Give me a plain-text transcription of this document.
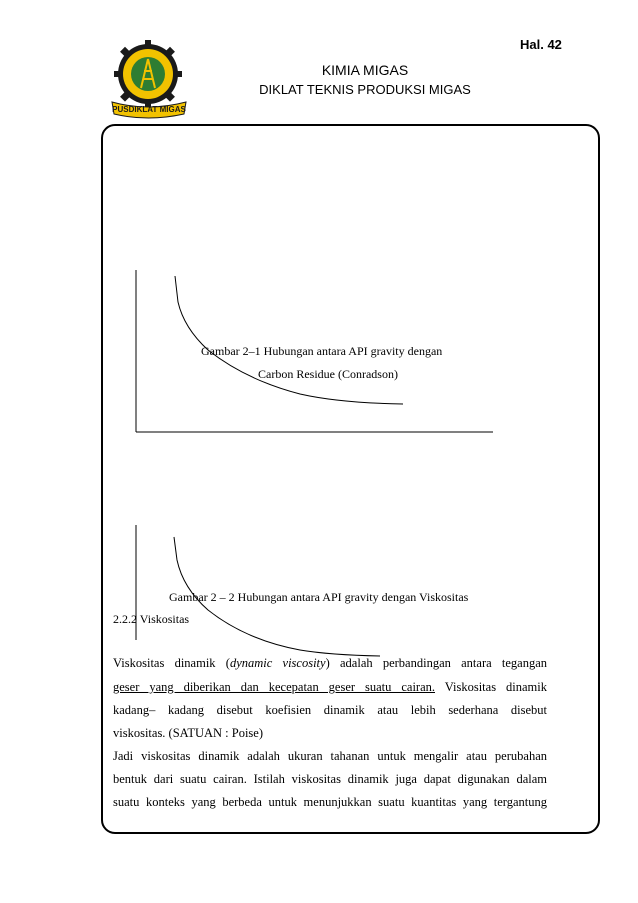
Hal. 42
PUSDIKLAT MIGAS
KIMIA MIGAS
DIKLAT TEKNIS PRODUKSI MIGAS
Gambar 2–1 Hubungan antara API gravity dengan
Carbon Residue (Conradson)
Gambar 2 – 2 Hubungan antara API gravity dengan Viskositas
2.2.2 Viskositas
Viskositas dinamik (dynamic viscosity) adalah perbandingan antara tegangan
geser yang diberikan dan kecepatan geser suatu cairan. Viskositas dinamik
kadang– kadang disebut koefisien dinamik atau lebih sederhana disebut
viskositas. (SATUAN : Poise)
Jadi viskositas dinamik adalah ukuran tahanan untuk mengalir atau perubahan
bentuk dari suatu cairan. Istilah viskositas dinamik juga dapat digunakan dalam
suatu konteks yang berbeda untuk menunjukkan suatu kuantitas yang tergantung
